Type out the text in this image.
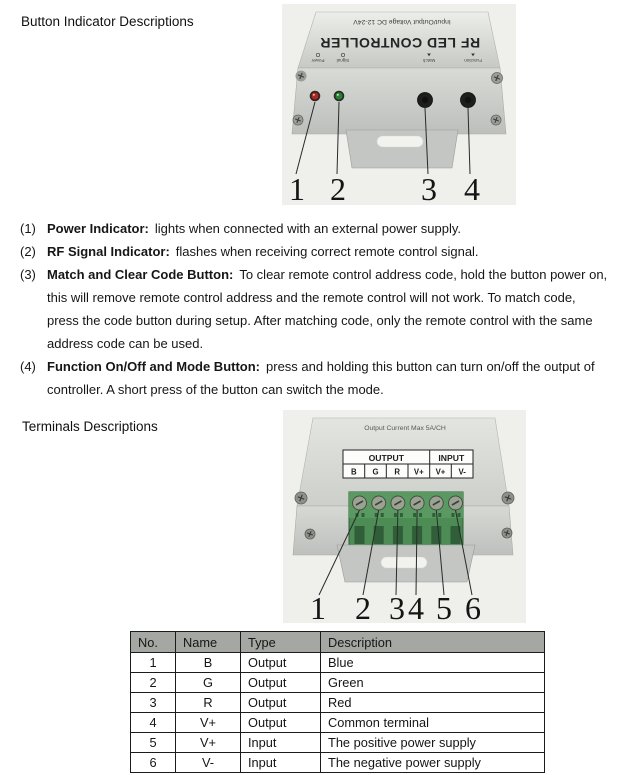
Button Indicator Descriptions	Input/Output Voltage DC 12-24V
RF LED CONTROLLER
Power	Signal	Match	Function
1 2 3 4
(1) Power Indicator: lights when connected with an external power supply.

(2) RF Signal Indicator: flashes when receiving correct remote control signal.

(3) Match and Clear Code Button: To clear remote control address code, hold the button power on, this will remove remote control address and the remote control will not work. To match code, press the code button during setup. After matching code, only the remote control with the same address code can be used.

(4) Function On/Off and Mode Button: press and holding this button can turn on/off the output of controller. A short press of the button can switch the mode.

Terminals Descriptions	Output Current Max 5A/CH
OUTPUT	INPUT
B G R V+ V+ V-
1 2 3 4 5 6
No.	Name	Type	Description
1	B	Output	Blue
2	G	Output	Green
3	R	Output	Red
4	V+	Output	Common terminal
5	V+	Input	The positive power supply
6	V-	Input	The negative power supply
